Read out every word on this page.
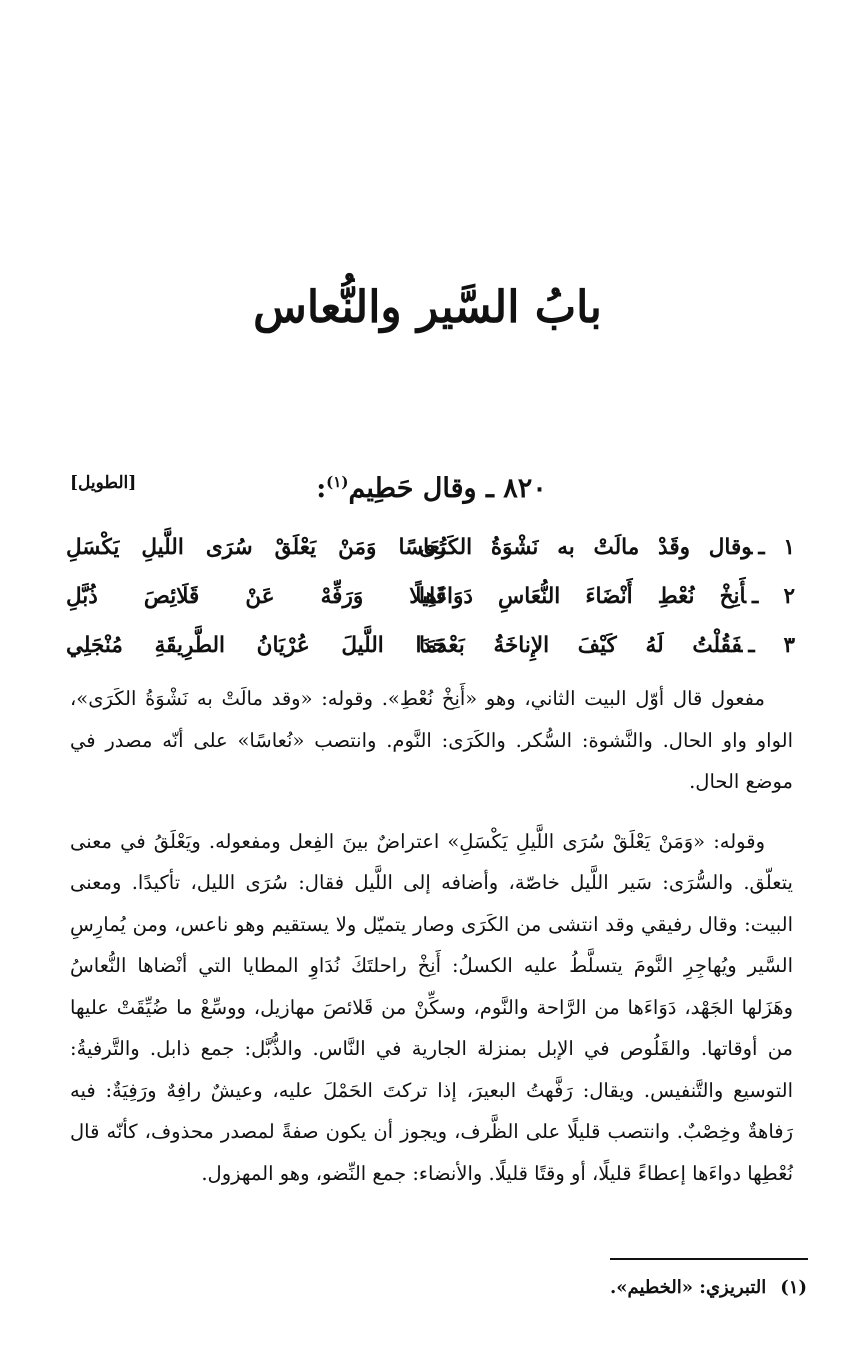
بابُ السَّير والنُّعاس
٨٢٠ ـ وقال حَطِيم$^{(١)}$:
[الطويل]
١ ـوقال وقَدْ مالَتْ به نَشْوَةُ الكَرَى
نُعَاسًا وَمَنْ يَعْلَقْ سُرَى اللَّيلِ يَكْسَلِ
٢ ـأَنِخْ نُعْطِ أَنْضَاءَ النُّعَاسِ دَوَاءَها
قَلِيلًا وَرَفِّهْ عَنْ قَلَائِصَ ذُبَّلِ
٣ ـفَقُلْتُ لَهُ كَيْفَ الإِناخَةُ بَعْدَمَا
حَدَا اللَّيلَ عُرْيَانُ الطَّرِيقَةِ مُنْجَلِي

مفعول قال أوّل البيت الثاني، وهو «أَنِخْ نُعْطِ». وقوله: «وقد مالَتْ به نَشْوَةُ الكَرَى»، الواو واو الحال. والنَّشوة: السُّكر. والكَرَى: النَّوم. وانتصب «نُعاسًا» على أنّه مصدر في موضع الحال.

وقوله: «وَمَنْ يَعْلَقْ سُرَى اللَّيلِ يَكْسَلِ» اعتراضٌ بينَ الفِعل ومفعوله. ويَعْلَقُ في معنى يتعلّق. والسُّرَى: سَير اللَّيل خاصّة، وأضافه إلى اللَّيل فقال: سُرَى الليل، تأكيدًا. ومعنى البيت: وقال رفيقي وقد انتشى من الكَرَى وصار يتميّل ولا يستقيم وهو ناعس، ومن يُمارِسِ السَّير ويُهاجِرِ النَّومَ يتسلَّطُ عليه الكسلُ: أَنِخْ راحلتَكَ نُدَاوِ المطايا التي أنْضاها النُّعاسُ وهَزَلها الجَهْد، دَوَاءَها من الرَّاحة والنَّوم، وسكِّنْ من قَلائصَ مهازيل، ووسِّعْ ما ضُيِّقَتْ عليها من أوقاتها. والقَلُوص في الإبل بمنزلة الجارية في النَّاس. والذُّبَّل: جمع ذابل. والتَّرفيةُ: التوسيع والتَّنفيس. ويقال: رَفَّهتُ البعيرَ، إذا تركتَ الحَمْلَ عليه، وعيشٌ رافِهٌ ورَفِيَةٌ: فيه رَفاهةٌ وخِصْبٌ. وانتصب قليلًا على الظَّرف، ويجوز أن يكون صفةً لمصدر محذوف، كأنّه قال نُعْطِها دواءَها إعطاءً قليلًا، أو وقتًا قليلًا. والأنضاء: جمع النِّضو، وهو المهزول.

(١)التبريزي: «الخطيم».
